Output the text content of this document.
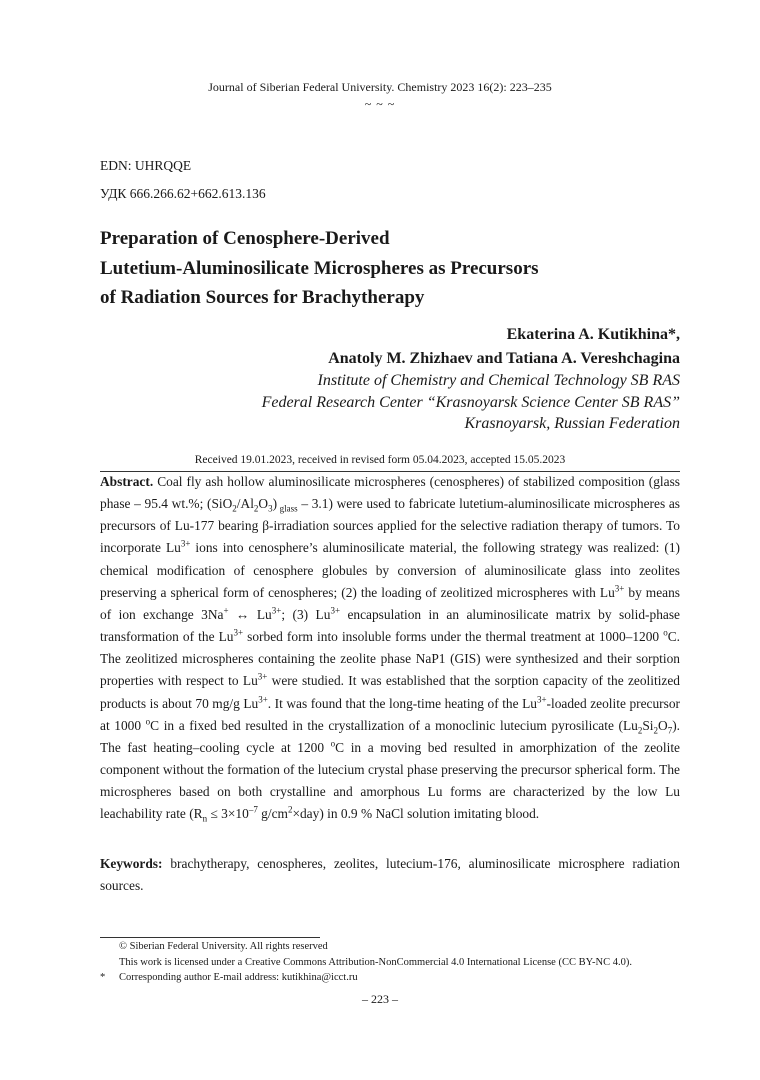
Journal of Siberian Federal University. Chemistry 2023 16(2): 223–235
~ ~ ~
EDN: UHRQQE
УДК 666.266.62+662.613.136
Preparation of Cenosphere-Derived
Lutetium-Aluminosilicate Microspheres as Precursors
of Radiation Sources for Brachytherapy
Ekaterina A. Kutikhina*,
Anatoly M. Zhizhaev and Tatiana A. Vereshchagina
Institute of Chemistry and Chemical Technology SB RAS
Federal Research Center “Krasnoyarsk Science Center SB RAS”
Krasnoyarsk, Russian Federation
Received 19.01.2023, received in revised form 05.04.2023, accepted 15.05.2023
Abstract. Coal fly ash hollow aluminosilicate microspheres (cenospheres) of stabilized composition (glass phase – 95.4 wt.%; $(SiO_2/Al_2O_3)$ $_{glass}$ – 3.1) were used to fabricate lutetium-aluminosilicate microspheres as precursors of Lu-177 bearing β-irradiation sources applied for the selective radiation therapy of tumors. To incorporate $Lu^{3+}$ ions into cenosphere’s aluminosilicate material, the following strategy was realized: (1) chemical modification of cenosphere globules by conversion of aluminosilicate glass into zeolites preserving a spherical form of cenospheres; (2) the loading of zeolitized microspheres with $Lu^{3+}$ by means of ion exchange 3Na+ ↔ $Lu^{3+}$; (3) $Lu^{3+}$ encapsulation in an aluminosilicate matrix by solid-phase transformation of the $Lu^{3+}$ sorbed form into insoluble forms under the thermal treatment at 1000–1200 $^o$C. The zeolitized microspheres containing the zeolite phase NaP1 (GIS) were synthesized and their sorption properties with respect to $Lu^{3+}$ were studied. It was established that the sorption capacity of the zeolitized products is about 70 mg/g $Lu^{3+}$. It was found that the long-time heating of the $Lu^{3+}$-loaded zeolite precursor at 1000 $^o$C in a fixed bed resulted in the crystallization of a monoclinic lutecium pyrosilicate $(Lu_2Si_2O_7)$. The fast heating–cooling cycle at 1200 $^o$C in a moving bed resulted in amorphization of the zeolite component without the formation of the lutecium crystal phase preserving the precursor spherical form. The microspheres based on both crystalline and amorphous Lu forms are characterized by the low Lu leachability rate ($R_n \le 3\times 10^{-7}$ $g/cm^2\times day$) in 0.9 % NaCl solution imitating blood.
Keywords: brachytherapy, cenospheres, zeolites, lutecium-176, aluminosilicate microsphere radiation sources.
© Siberian Federal University. All rights reserved
This work is licensed under a Creative Commons Attribution-NonCommercial 4.0 International License (CC BY-NC 4.0).
* Corresponding author E-mail address: kutikhina@icct.ru
– 223 –
